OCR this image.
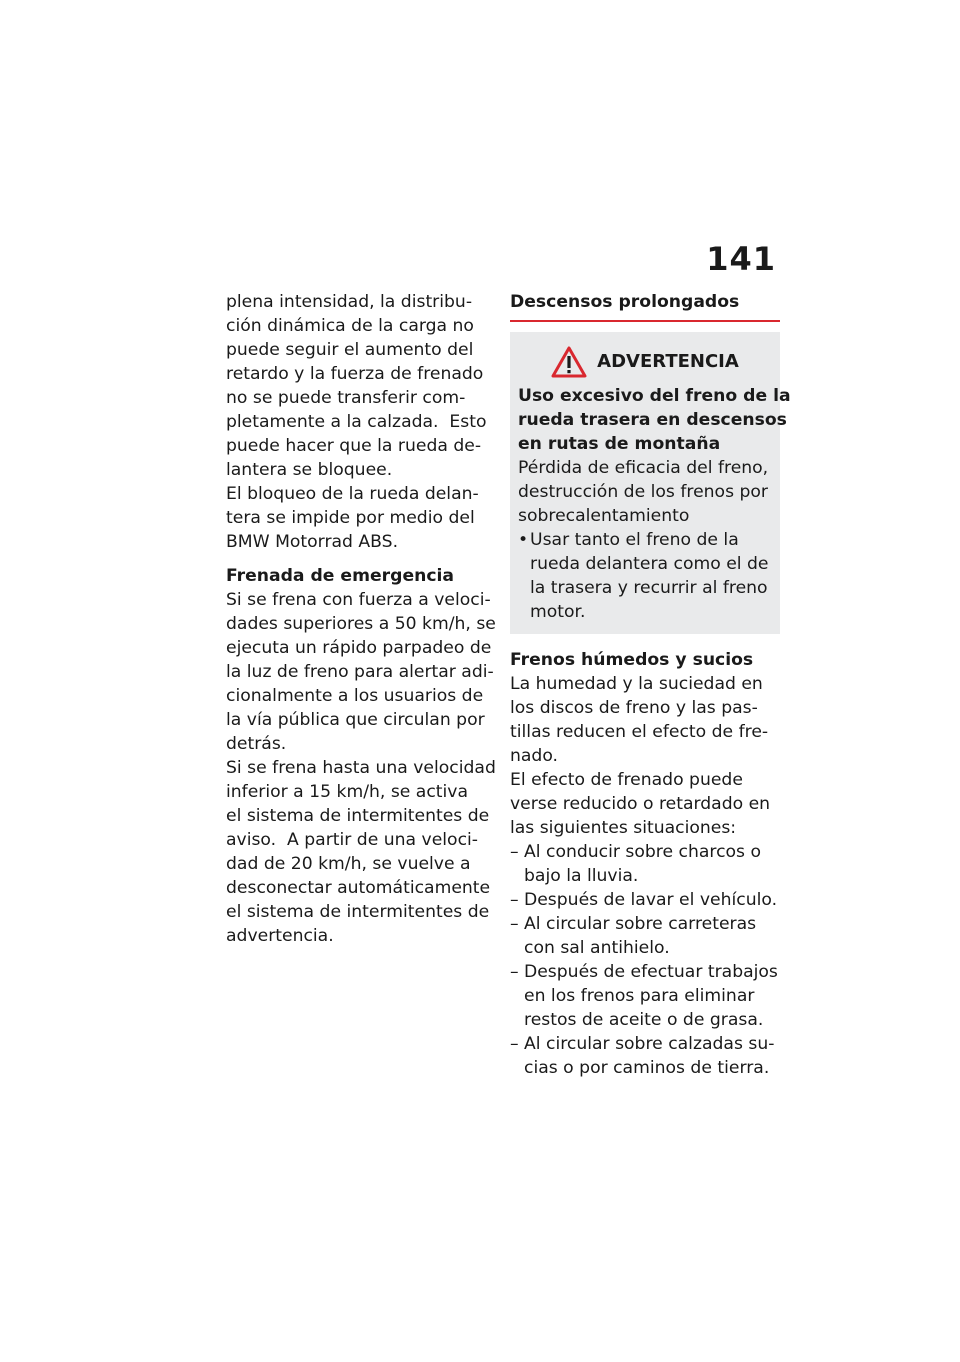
141
plena intensidad, la distribu-
ción dinámica de la carga no
puede seguir el aumento del
retardo y la fuerza de frenado
no se puede transferir com-
pletamente a la calzada.  Esto
puede hacer que la rueda de-
lantera se bloquee.
El bloqueo de la rueda delan-
tera se impide por medio del
BMW Motorrad ABS.
Frenada de emergencia
Si se frena con fuerza a veloci-
dades superiores a 50 km/h, se
ejecuta un rápido parpadeo de
la luz de freno para alertar adi-
cionalmente a los usuarios de
la vía pública que circulan por
detrás.
Si se frena hasta una velocidad
inferior a 15 km/h, se activa
el sistema de intermitentes de
aviso.  A partir de una veloci-
dad de 20 km/h, se vuelve a
desconectar automáticamente
el sistema de intermitentes de
advertencia.
Descensos prolongados
ADVERTENCIA
Uso excesivo del freno de la
rueda trasera en descensos
en rutas de montaña
Pérdida de eficacia del freno,
destrucción de los frenos por
sobrecalentamiento
• Usar tanto el freno de la
rueda delantera como el de
la trasera y recurrir al freno
motor.
Frenos húmedos y sucios
La humedad y la suciedad en
los discos de freno y las pas-
tillas reducen el efecto de fre-
nado.
El efecto de frenado puede
verse reducido o retardado en
las siguientes situaciones:
– Al conducir sobre charcos o
bajo la lluvia.
– Después de lavar el vehículo.
– Al circular sobre carreteras
con sal antihielo.
– Después de efectuar trabajos
en los frenos para eliminar
restos de aceite o de grasa.
– Al circular sobre calzadas su-
cias o por caminos de tierra.
